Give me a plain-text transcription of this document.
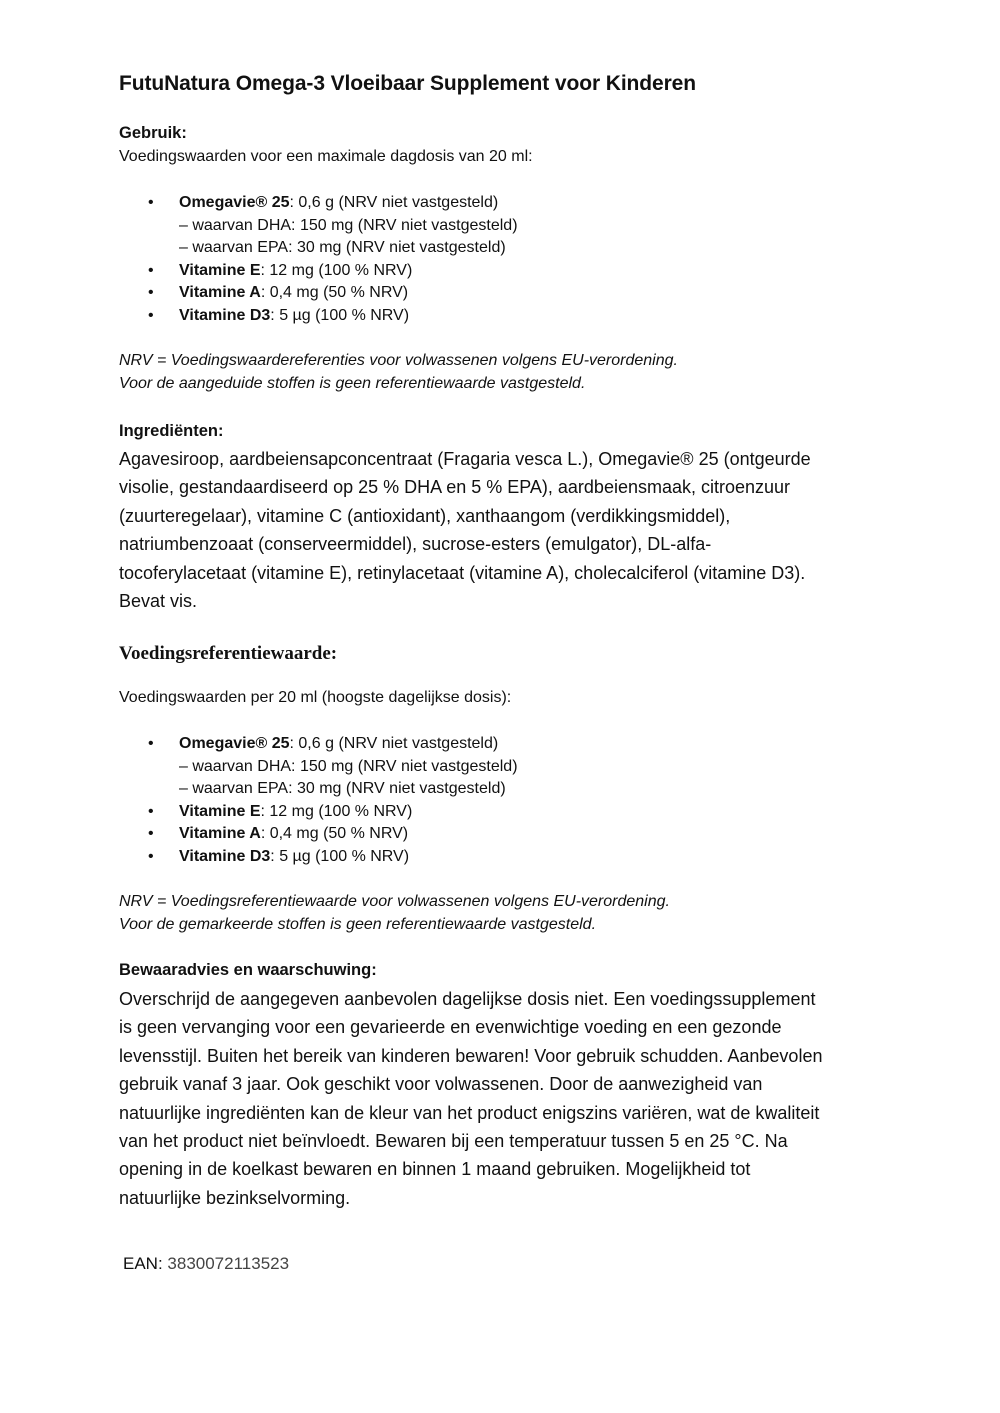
FutuNatura Omega-3 Vloeibaar Supplement voor Kinderen
Gebruik:
Voedingswaarden voor een maximale dagdosis van 20 ml:
• Omegavie® 25: 0,6 g (NRV niet vastgesteld)
– waarvan DHA: 150 mg (NRV niet vastgesteld)
– waarvan EPA: 30 mg (NRV niet vastgesteld)
• Vitamine E: 12 mg (100 % NRV)
• Vitamine A: 0,4 mg (50 % NRV)
• Vitamine D3: 5 µg (100 % NRV)
NRV = Voedingswaardereferenties voor volwassenen volgens EU-verordening.
Voor de aangeduide stoffen is geen referentiewaarde vastgesteld.
Ingrediënten:
Agavesiroop, aardbeiensapconcentraat (Fragaria vesca L.), Omegavie® 25 (ontgeurde
visolie, gestandaardiseerd op 25 % DHA en 5 % EPA), aardbeiensmaak, citroenzuur
(zuurteregelaar), vitamine C (antioxidant), xanthaangom (verdikkingsmiddel),
natriumbenzoaat (conserveermiddel), sucrose-esters (emulgator), DL-alfa-
tocoferylacetaat (vitamine E), retinylacetaat (vitamine A), cholecalciferol (vitamine D3).
Bevat vis.
Voedingsreferentiewaarde:
Voedingswaarden per 20 ml (hoogste dagelijkse dosis):
• Omegavie® 25: 0,6 g (NRV niet vastgesteld)
– waarvan DHA: 150 mg (NRV niet vastgesteld)
– waarvan EPA: 30 mg (NRV niet vastgesteld)
• Vitamine E: 12 mg (100 % NRV)
• Vitamine A: 0,4 mg (50 % NRV)
• Vitamine D3: 5 µg (100 % NRV)
NRV = Voedingsreferentiewaarde voor volwassenen volgens EU-verordening.
Voor de gemarkeerde stoffen is geen referentiewaarde vastgesteld.
Bewaaradvies en waarschuwing:
Overschrijd de aangegeven aanbevolen dagelijkse dosis niet. Een voedingssupplement
is geen vervanging voor een gevarieerde en evenwichtige voeding en een gezonde
levensstijl. Buiten het bereik van kinderen bewaren! Voor gebruik schudden. Aanbevolen
gebruik vanaf 3 jaar. Ook geschikt voor volwassenen. Door de aanwezigheid van
natuurlijke ingrediënten kan de kleur van het product enigszins variëren, wat de kwaliteit
van het product niet beïnvloedt. Bewaren bij een temperatuur tussen 5 en 25 °C. Na
opening in de koelkast bewaren en binnen 1 maand gebruiken. Mogelijkheid tot
natuurlijke bezinkselvorming.
EAN: 3830072113523
